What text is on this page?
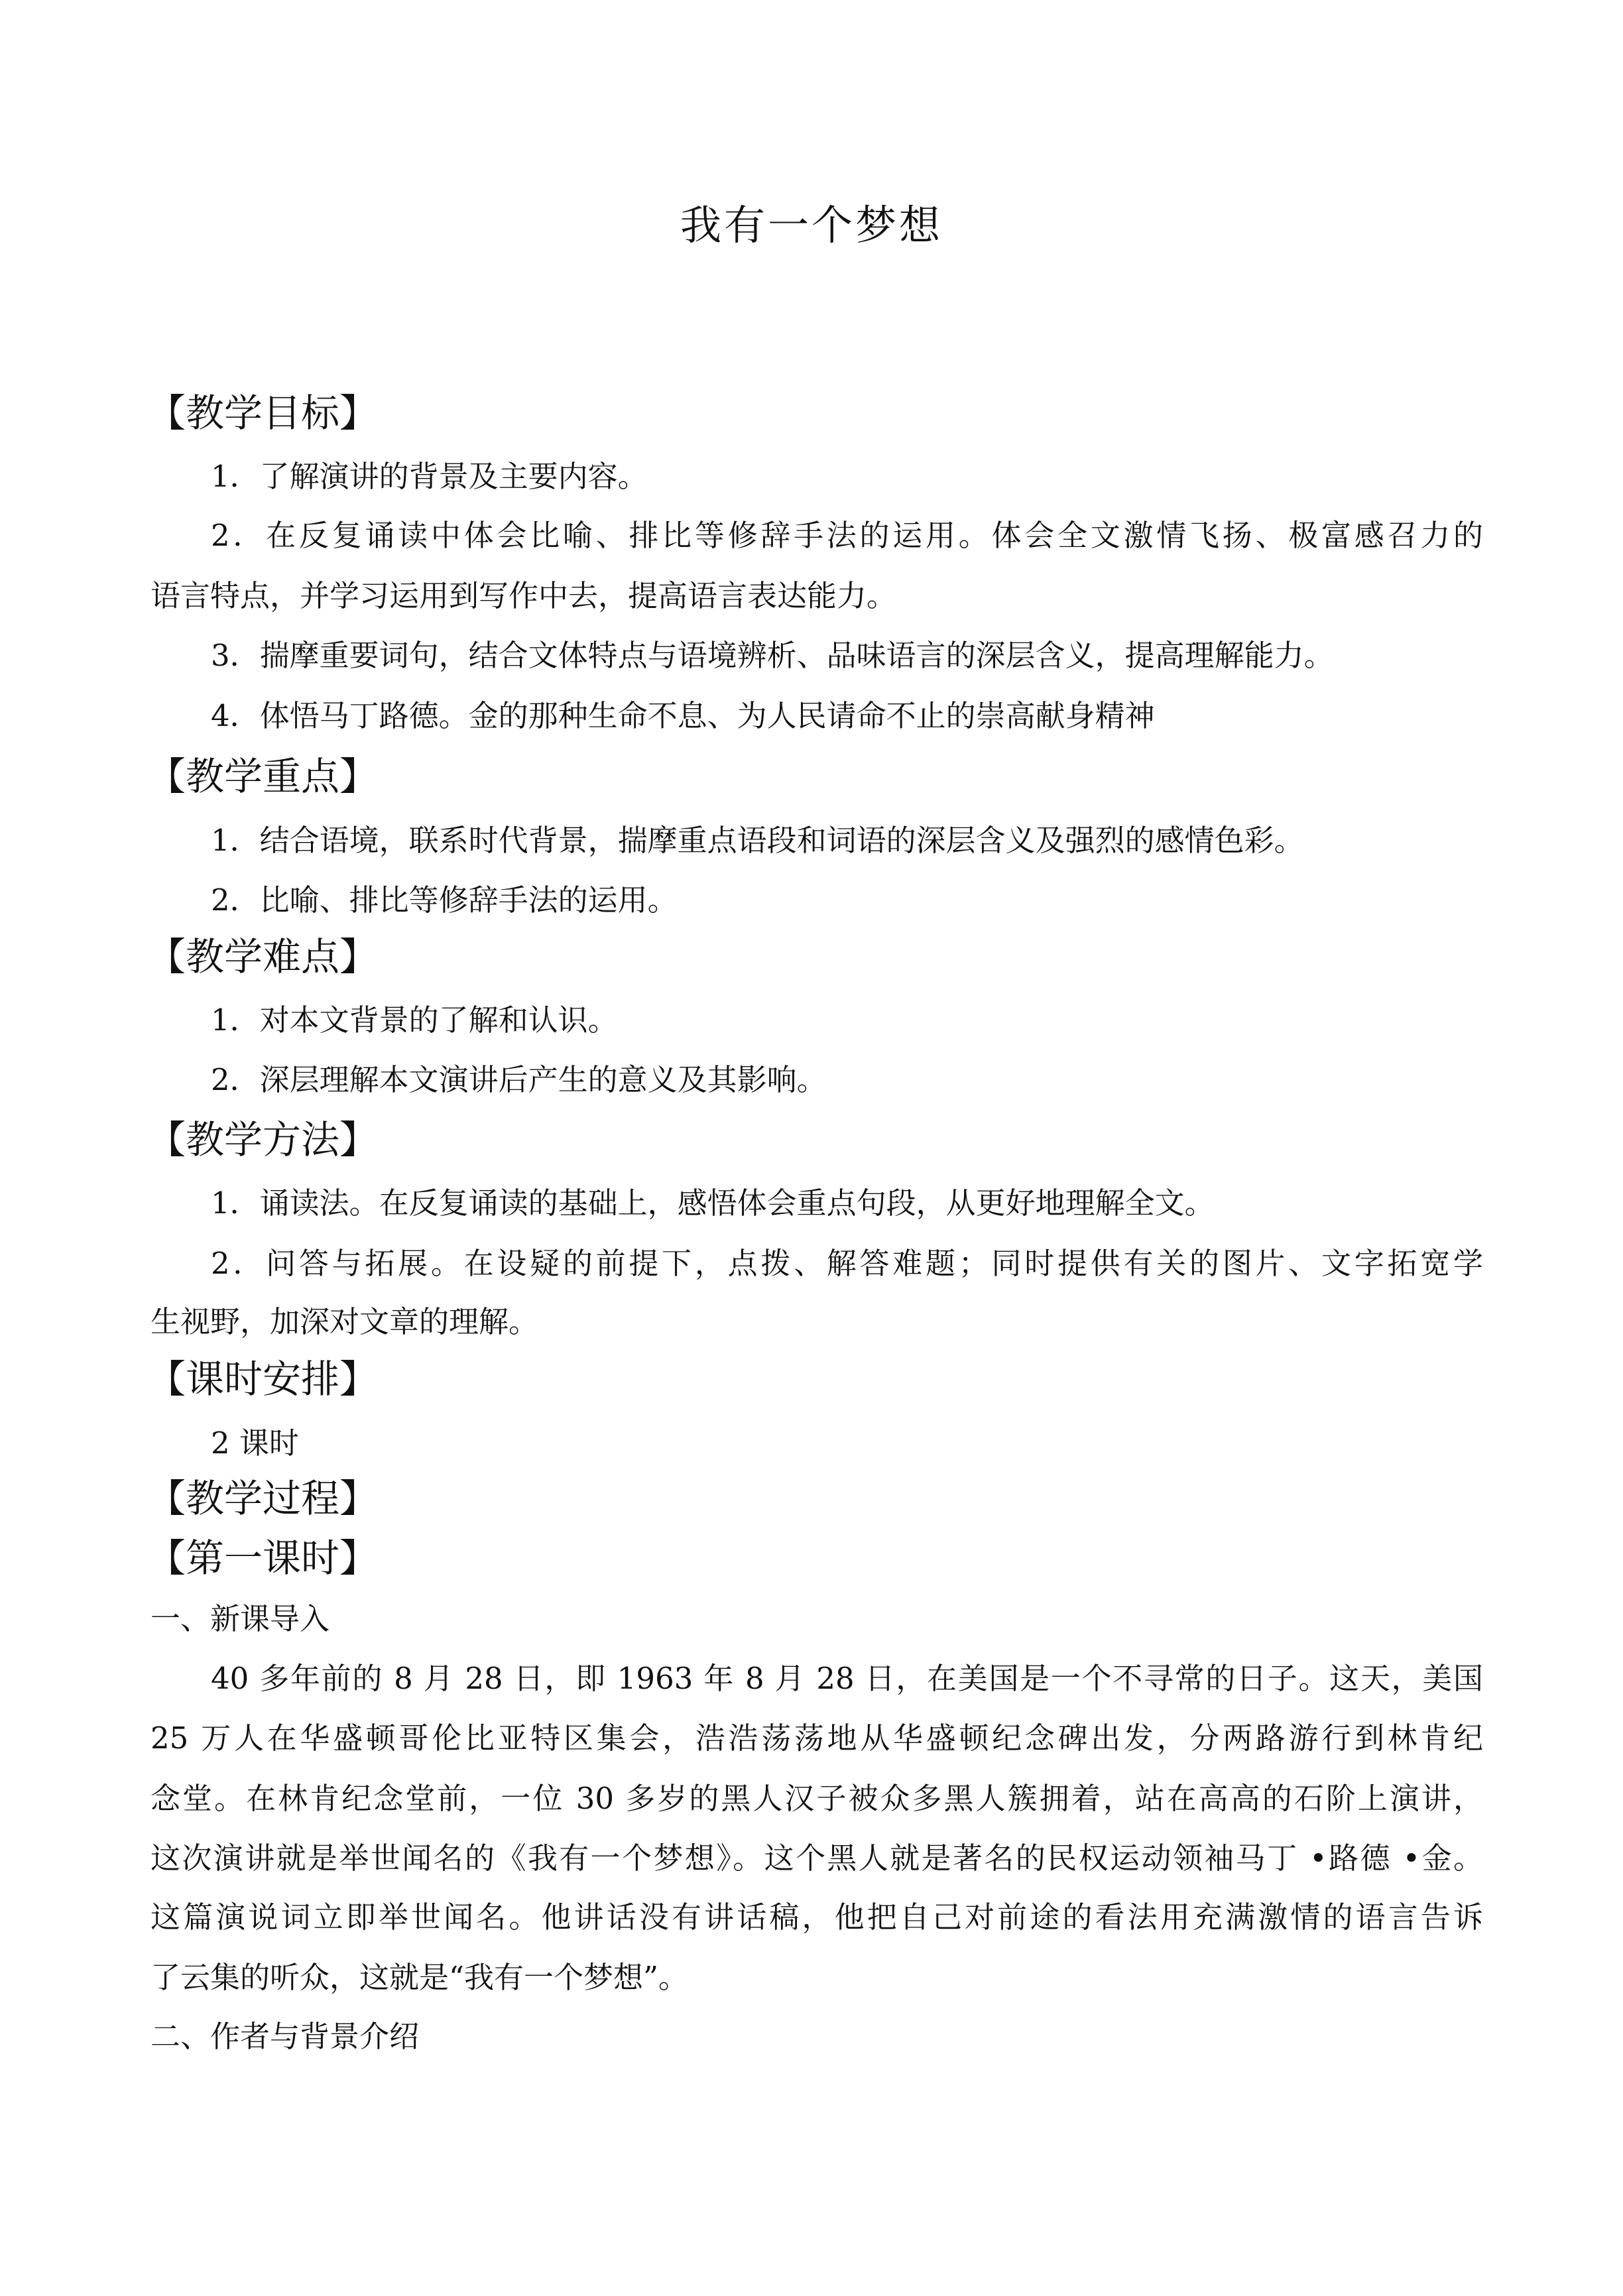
我有一个梦想
【教学目标】
1．了解演讲的背景及主要内容。
2．在反复诵读中体会比喻、排比等修辞手法的运用。体会全文激情飞扬、极富感召力的
语言特点，并学习运用到写作中去，提高语言表达能力。
3．揣摩重要词句，结合文体特点与语境辨析、品味语言的深层含义，提高理解能力。
4．体悟马丁路德。金的那种生命不息、为人民请命不止的崇高献身精神
【教学重点】
1．结合语境，联系时代背景，揣摩重点语段和词语的深层含义及强烈的感情色彩。
2．比喻、排比等修辞手法的运用。
【教学难点】
1．对本文背景的了解和认识。
2．深层理解本文演讲后产生的意义及其影响。
【教学方法】
1．诵读法。在反复诵读的基础上，感悟体会重点句段，从更好地理解全文。
2．问答与拓展。在设疑的前提下，点拨、解答难题；同时提供有关的图片、文字拓宽学
生视野，加深对文章的理解。
【课时安排】
2 课时
【教学过程】
【第一课时】
一、新课导入
40 多年前的 8 月 28 日，即 1963 年 8 月 28 日，在美国是一个不寻常的日子。这天，美国
25 万人在华盛顿哥伦比亚特区集会，浩浩荡荡地从华盛顿纪念碑出发，分两路游行到林肯纪
念堂。在林肯纪念堂前，一位 30 多岁的黑人汉子被众多黑人簇拥着，站在高高的石阶上演讲，
这次演讲就是举世闻名的《我有一个梦想》。这个黑人就是著名的民权运动领袖马丁 •路德 •金。
这篇演说词立即举世闻名。他讲话没有讲话稿，他把自己对前途的看法用充满激情的语言告诉
了云集的听众，这就是“我有一个梦想”。
二、作者与背景介绍
